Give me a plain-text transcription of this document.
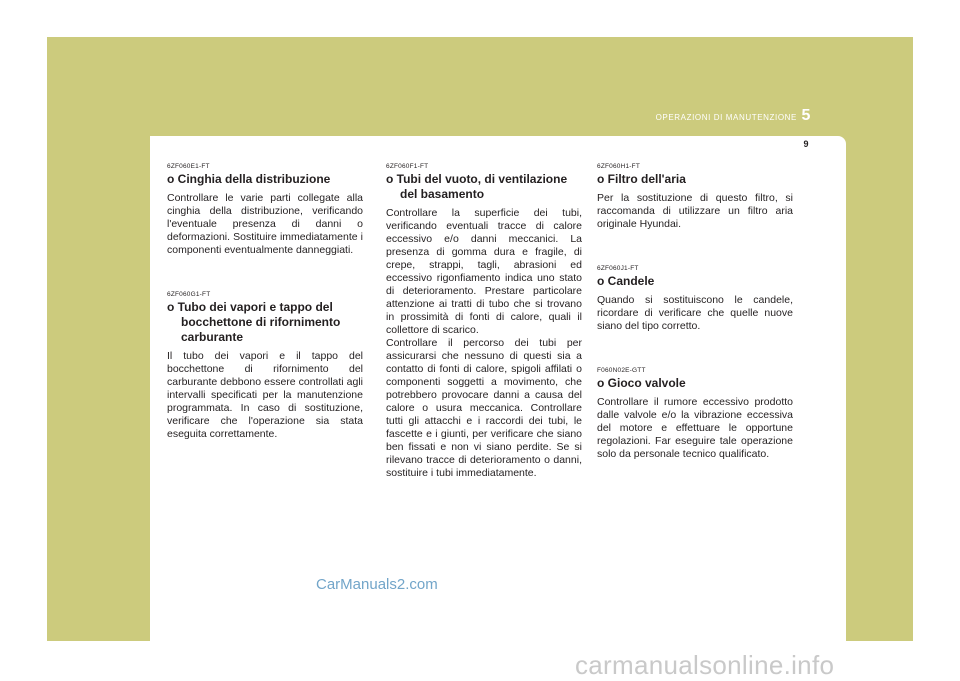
OPERAZIONI DI MANUTENZIONE 5
9
6ZF060E1-FT
o Cinghia della distribuzione

Controllare le varie parti collegate alla cinghia della distribuzione, verificando l'eventuale presenza di danni o deformazioni. Sostituire immediatamente i componenti eventualmente danneggiati.

6ZF060G1-FT
o Tubo dei vapori e tappo del bocchettone di rifornimento carburante

Il tubo dei vapori e il tappo del bocchettone di rifornimento del carburante debbono essere controllati agli intervalli specificati per la manutenzione programmata. In caso di sostituzione, verificare che l'operazione sia stata eseguita correttamente.

6ZF060F1-FT
o Tubi del vuoto, di ventilazione del basamento

Controllare la superficie dei tubi, verificando eventuali tracce di calore eccessivo e/o danni meccanici. La presenza di gomma dura e fragile, di crepe, strappi, tagli, abrasioni ed eccessivo rigonfiamento indica uno stato di deterioramento. Prestare particolare attenzione ai tratti di tubo che si trovano in prossimità di fonti di calore, quali il collettore di scarico.

Controllare il percorso dei tubi per assicurarsi che nessuno di questi sia a contatto di fonti di calore, spigoli affilati o componenti soggetti a movimento, che potrebbero provocare danni a causa del calore o usura meccanica. Controllare tutti gli attacchi e i raccordi dei tubi, le fascette e i giunti, per verificare che siano ben fissati e non vi siano perdite. Se si rilevano tracce di deterioramento o danni, sostituire i tubi immediatamente.

6ZF060H1-FT
o Filtro dell'aria

Per la sostituzione di questo filtro, si raccomanda di utilizzare un filtro aria originale Hyundai.

6ZF060J1-FT
o Candele

Quando si sostituiscono le candele, ricordare di verificare che quelle nuove siano del tipo corretto.

F060N02E-GTT
o Gioco valvole

Controllare il rumore eccessivo prodotto dalle valvole e/o la vibrazione eccessiva del motore e effettuare le opportune regolazioni. Far eseguire tale operazione solo da personale tecnico qualificato.

CarManuals2.com
carmanualsonline.info
